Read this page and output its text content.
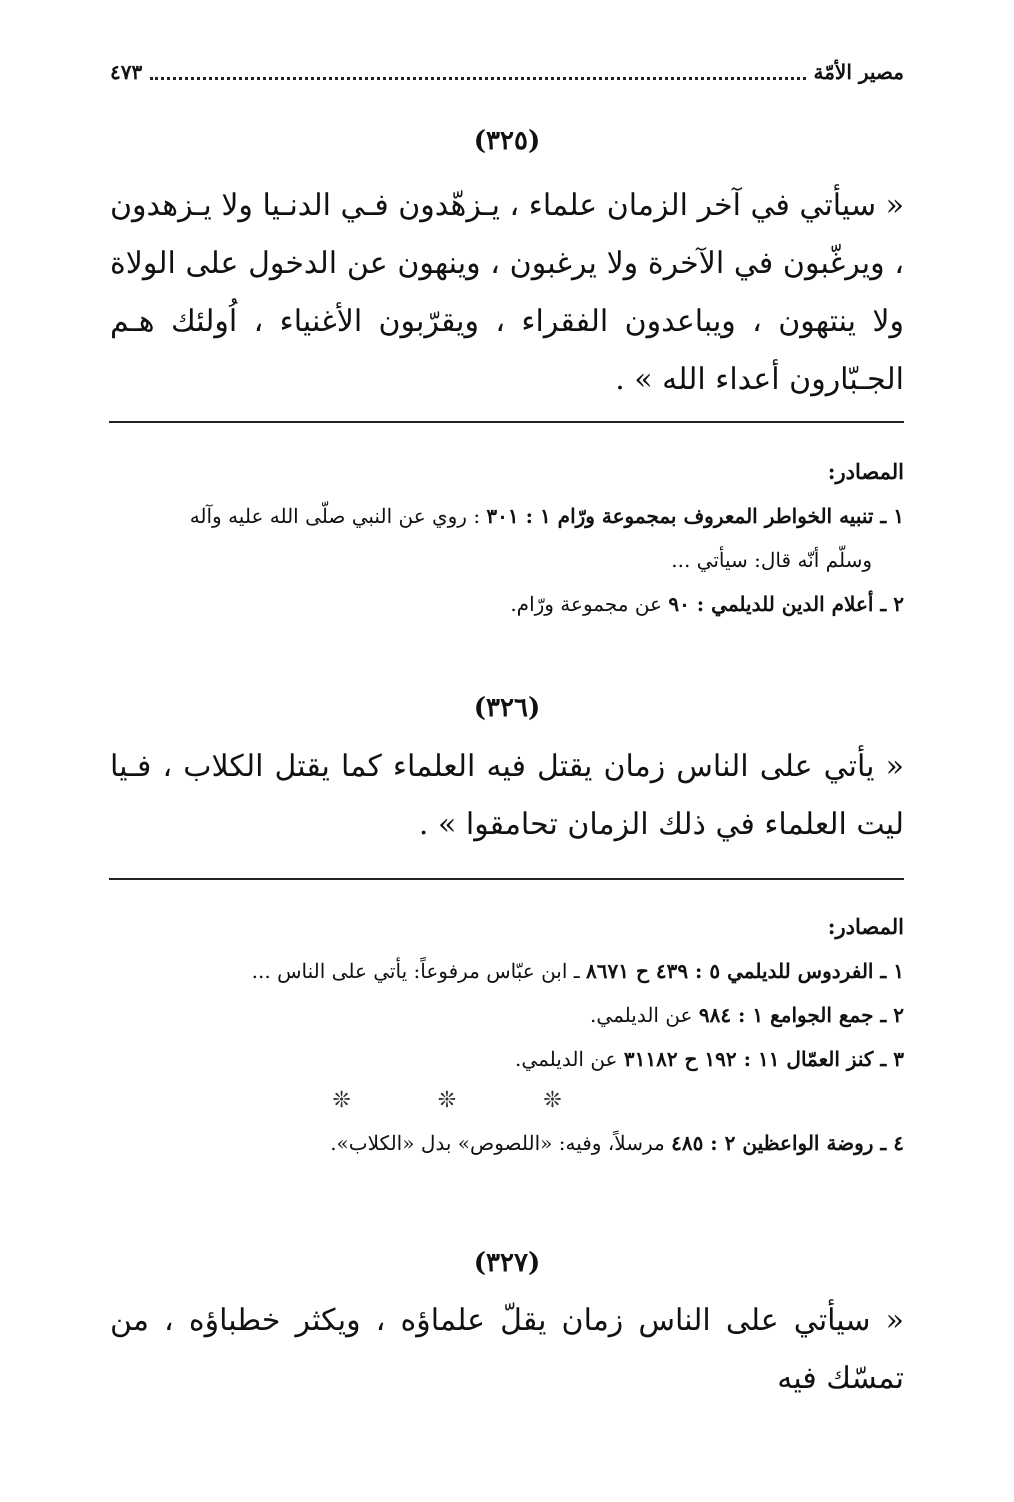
مصير الأمّة
٤٧٣
(٣٢٥)
« سيأتي في آخر الزمان علماء ، يـزهّدون فـي الدنـيا ولا يـزهدون ، ويرغّبون في الآخرة ولا يرغبون ، وينهون عن الدخول على الولاة ولا ينتهون ، ويباعدون الفقراء ، ويقرّبون الأغنياء ، اُولئك هـم الجـبّارون أعداء الله » .
المصادر:

١ ـ تنبيه الخواطر المعروف بمجموعة ورّام ١ : ٣٠١ : روي عن النبي صلّى الله عليه وآله

وسلّم أنّه قال: سيأتي ...

٢ ـ أعلام الدين للديلمي : ٩٠ عن مجموعة ورّام.

(٣٢٦)
« يأتي على الناس زمان يقتل فيه العلماء كما يقتل الكلاب ، فـيا ليت العلماء في ذلك الزمان تحامقوا » .
المصادر:

١ ـ الفردوس للديلمي ٥ : ٤٣٩ ح ٨٦٧١ ـ ابن عبّاس مرفوعاً: يأتي على الناس ...

٢ ـ جمع الجوامع ١ : ٩٨٤ عن الديلمي.

٣ ـ كنز العمّال ١١ : ١٩٢ ح ٣١١٨٢ عن الديلمي.

❊ ❊ ❊

٤ ـ روضة الواعظين ٢ : ٤٨٥ مرسلاً، وفيه: «اللصوص» بدل «الكلاب».

(٣٢٧)
« سيأتي على الناس زمان يقلّ علماؤه ، ويكثر خطباؤه ، من تمسّك فيه
